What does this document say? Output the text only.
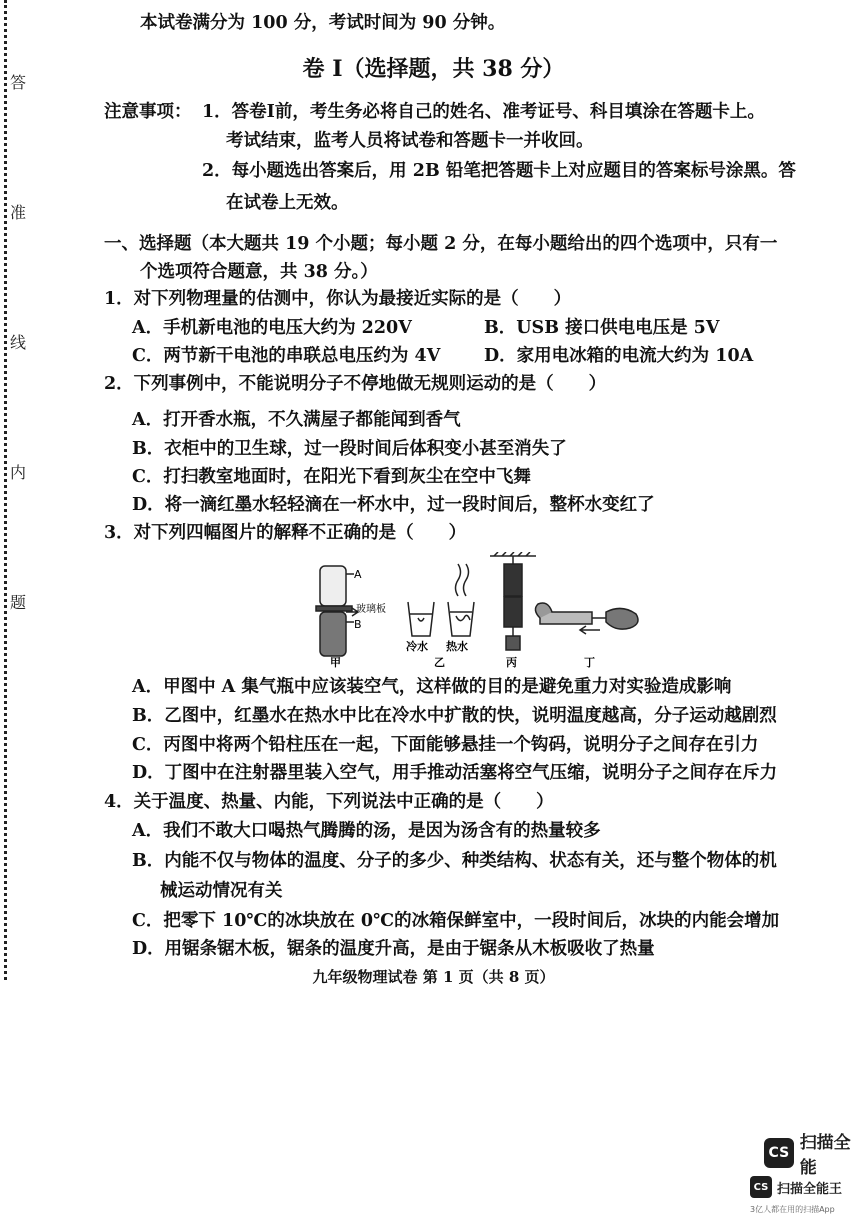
答
准
线
内
题
本试卷满分为 100 分，考试时间为 90 分钟。
卷 I（选择题，共 38 分）
注意事项： 1．答卷Ⅰ前，考生务必将自己的姓名、准考证号、科目填涂在答题卡上。
考试结束，监考人员将试卷和答题卡一并收回。
2．每小题选出答案后，用 2B 铅笔把答题卡上对应题目的答案标号涂黑。答
在试卷上无效。
一、选择题（本大题共 19 个小题；每小题 2 分，在每小题给出的四个选项中，只有一
个选项符合题意，共 38 分。）
1．对下列物理量的估测中，你认为最接近实际的是（　　）
A．手机新电池的电压大约为 220V	B．USB 接口供电电压是 5V
C．两节新干电池的串联总电压约为 4V D．家用电冰箱的电流大约为 10A
2．下列事例中，不能说明分子不停地做无规则运动的是（　　）
A．打开香水瓶，不久满屋子都能闻到香气
B．衣柜中的卫生球，过一段时间后体积变小甚至消失了
C．打扫教室地面时，在阳光下看到灰尘在空中飞舞
D．将一滴红墨水轻轻滴在一杯水中，过一段时间后，整杯水变红了
3．对下列四幅图片的解释不正确的是（　　）
A
玻璃板
B
甲
冷水 热水
乙	丙	丁
A．甲图中 A 集气瓶中应该装空气，这样做的目的是避免重力对实验造成影响
B．乙图中，红墨水在热水中比在冷水中扩散的快，说明温度越高，分子运动越剧烈
C．丙图中将两个铅柱压在一起，下面能够悬挂一个钩码，说明分子之间存在引力
D．丁图中在注射器里装入空气，用手推动活塞将空气压缩，说明分子之间存在斥力
4．关于温度、热量、内能，下列说法中正确的是（　　）
A．我们不敢大口喝热气腾腾的汤，是因为汤含有的热量较多
B．内能不仅与物体的温度、分子的多少、种类结构、状态有关，还与整个物体的机
械运动情况有关
C．把零下 10℃的冰块放在 0℃的冰箱保鲜室中，一段时间后，冰块的内能会增加
D．用锯条锯木板，锯条的温度升高，是由于锯条从木板吸收了热量
九年级物理试卷 第 1 页（共 8 页）
CS 扫描全能
CS 扫描全能王
3亿人都在用的扫描App
